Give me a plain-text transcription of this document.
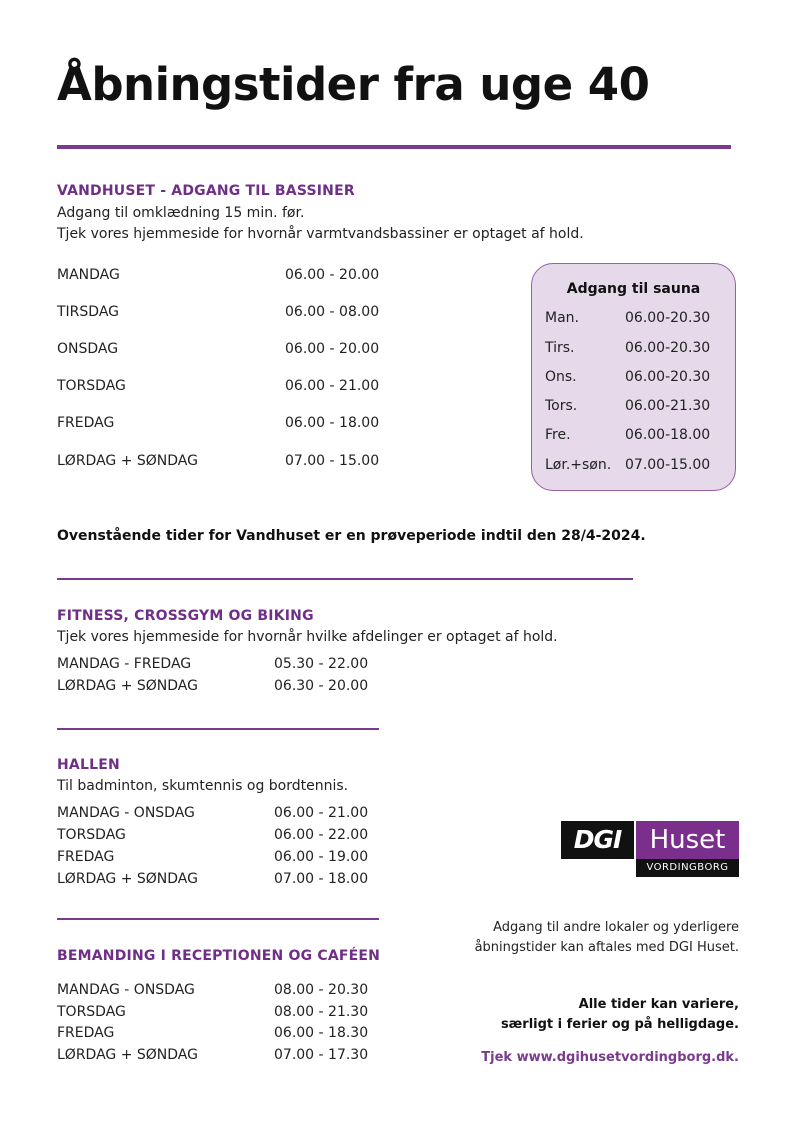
Åbningstider fra uge 40
VANDHUSET - ADGANG TIL BASSINER
Adgang til omklædning 15 min. før.
Tjek vores hjemmeside for hvornår varmtvandsbassiner er optaget af hold.
MANDAG	06.00 - 20.00
TIRSDAG	06.00 - 08.00
ONSDAG	06.00 - 20.00
TORSDAG	06.00 - 21.00
FREDAG	06.00 - 18.00
LØRDAG + SØNDAG	07.00 - 15.00
Adgang til sauna
Man.	06.00-20.30
Tirs.	06.00-20.30
Ons.	06.00-20.30
Tors.	06.00-21.30
Fre.	06.00-18.00
Lør.+søn. 07.00-15.00
Ovenstående tider for Vandhuset er en prøveperiode indtil den 28/4-2024.
FITNESS, CROSSGYM OG BIKING
Tjek vores hjemmeside for hvornår hvilke afdelinger er optaget af hold.
MANDAG - FREDAG	05.30 - 22.00
LØRDAG + SØNDAG	06.30 - 20.00
HALLEN
Til badminton, skumtennis og bordtennis.
MANDAG - ONSDAG	06.00 - 21.00
TORSDAG	06.00 - 22.00
FREDAG	06.00 - 19.00
LØRDAG + SØNDAG	07.00 - 18.00
BEMANDING I RECEPTIONEN OG CAFÉEN
MANDAG - ONSDAG	08.00 - 20.30
TORSDAG	08.00 - 21.30
FREDAG	06.00 - 18.30
LØRDAG + SØNDAG	07.00 - 17.30
DGI	Huset
VORDINGBORG
Adgang til andre lokaler og yderligere
åbningstider kan aftales med DGI Huset.
Alle tider kan variere,
særligt i ferier og på helligdage.
Tjek www.dgihusetvordingborg.dk.
